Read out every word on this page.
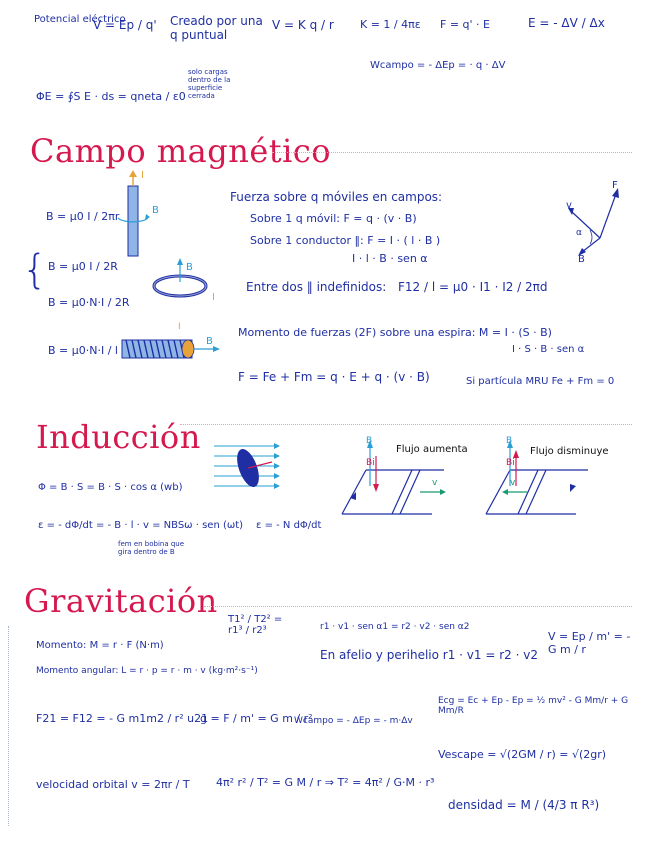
Potencial eléctrico
V = Ep / q' Creado por una q puntual
V = K q / r K = 1 / 4πε F = q' · E	E = - ΔV / Δx
Wcampo = - ΔEp = · q · ΔV
ΦE = ∮S E · ds = qneta / ε0
solo cargas dentro de la superficie cerrada
Campo magnético
I
B
B
I
B
I
B = μ0 I / 2πr
{ B = μ0 I / 2R
B = μ0·N·I / 2R
B = μ0·N·I / l
Fuerza sobre q móviles en campos:
Sobre 1 q móvil: F = q · (v · B)
Sobre 1 conductor ‖: F = I · ( l · B )
I · l · B · sen α
Entre dos ‖ indefinidos: F12 / l = μ0 · I1 · I2 / 2πd
Momento de fuerzas (2F) sobre una espira: M = I · (S · B)
I · S · B · sen α
F = Fe + Fm = q · E + q · (v · B)	Si partícula MRU Fe + Fm = 0
F
v
B
α
Inducción
Φ = B · S = B · S · cos α (wb)
ε = - dΦ/dt = - B · l · v = NBSω · sen (ωt) ε = - N dΦ/dt
fem en bobina que gira dentro de B
Flujo aumenta
B
Bi
v
Flujo disminuye
B
Bi
v
Gravitación
Momento: M = r · F (N·m)
Momento angular: L = r · p = r · m · v (kg·m²·s⁻¹)
T1² / T2² = r1³ / r2³	r1 · v1 · sen α1 = r2 · v2 · sen α2
En afelio y perihelio r1 · v1 = r2 · v2
V = Ep / m' = - G m / r
F21 = F12 = - G m1m2 / r² u21
g = F / m' = G m / r²
Wcampo = - ΔEp = - m·Δv
Ecg = Ec + Ep - Ep = ½ mv² - G Mm/r + G Mm/R
Vescape = √(2GM / r) = √(2gr)
velocidad orbital v = 2πr / T 4π² r² / T² = G M / r ⇒ T² = 4π² / G·M · r³
densidad = M / (4/3 π R³)
